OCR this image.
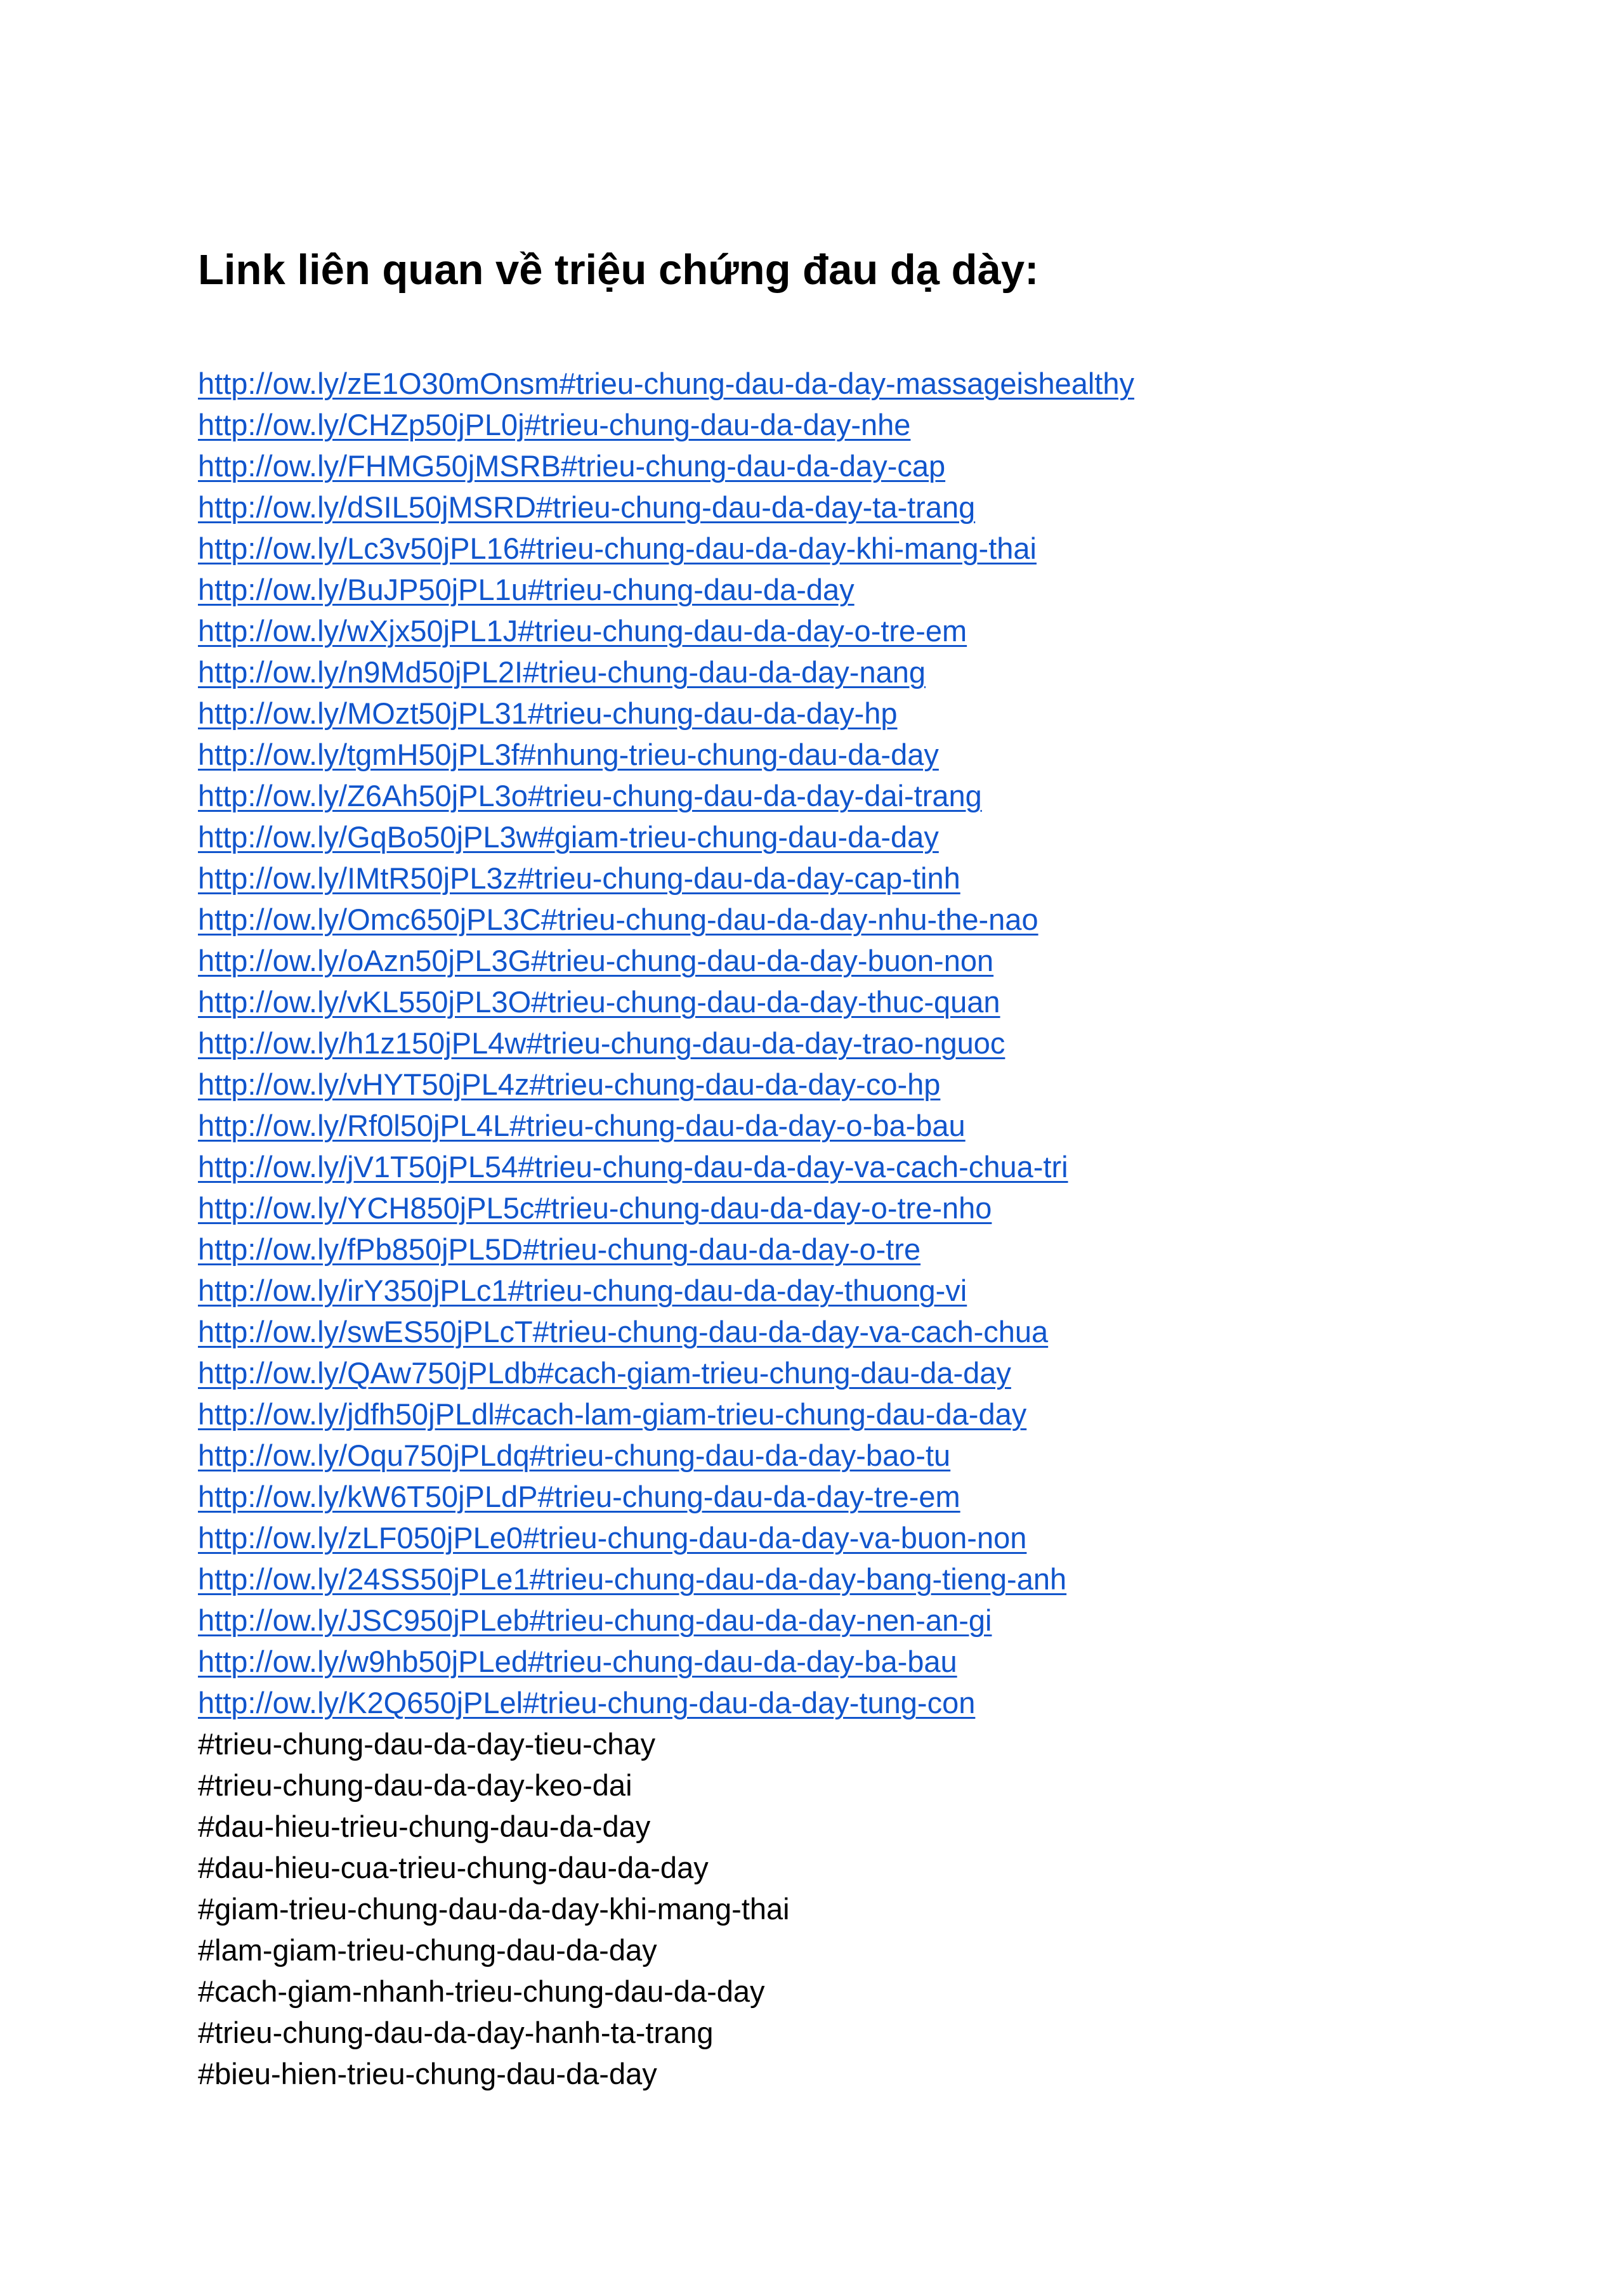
Link liên quan về triệu chứng đau dạ dày:
http://ow.ly/zE1O30mOnsm#trieu-chung-dau-da-day-massageishealthy
http://ow.ly/CHZp50jPL0j#trieu-chung-dau-da-day-nhe
http://ow.ly/FHMG50jMSRB#trieu-chung-dau-da-day-cap
http://ow.ly/dSIL50jMSRD#trieu-chung-dau-da-day-ta-trang
http://ow.ly/Lc3v50jPL16#trieu-chung-dau-da-day-khi-mang-thai
http://ow.ly/BuJP50jPL1u#trieu-chung-dau-da-day
http://ow.ly/wXjx50jPL1J#trieu-chung-dau-da-day-o-tre-em
http://ow.ly/n9Md50jPL2I#trieu-chung-dau-da-day-nang
http://ow.ly/MOzt50jPL31#trieu-chung-dau-da-day-hp
http://ow.ly/tgmH50jPL3f#nhung-trieu-chung-dau-da-day
http://ow.ly/Z6Ah50jPL3o#trieu-chung-dau-da-day-dai-trang
http://ow.ly/GqBo50jPL3w#giam-trieu-chung-dau-da-day
http://ow.ly/IMtR50jPL3z#trieu-chung-dau-da-day-cap-tinh
http://ow.ly/Omc650jPL3C#trieu-chung-dau-da-day-nhu-the-nao
http://ow.ly/oAzn50jPL3G#trieu-chung-dau-da-day-buon-non
http://ow.ly/vKL550jPL3O#trieu-chung-dau-da-day-thuc-quan
http://ow.ly/h1z150jPL4w#trieu-chung-dau-da-day-trao-nguoc
http://ow.ly/vHYT50jPL4z#trieu-chung-dau-da-day-co-hp
http://ow.ly/Rf0l50jPL4L#trieu-chung-dau-da-day-o-ba-bau
http://ow.ly/jV1T50jPL54#trieu-chung-dau-da-day-va-cach-chua-tri
http://ow.ly/YCH850jPL5c#trieu-chung-dau-da-day-o-tre-nho
http://ow.ly/fPb850jPL5D#trieu-chung-dau-da-day-o-tre
http://ow.ly/irY350jPLc1#trieu-chung-dau-da-day-thuong-vi
http://ow.ly/swES50jPLcT#trieu-chung-dau-da-day-va-cach-chua
http://ow.ly/QAw750jPLdb#cach-giam-trieu-chung-dau-da-day
http://ow.ly/jdfh50jPLdl#cach-lam-giam-trieu-chung-dau-da-day
http://ow.ly/Oqu750jPLdq#trieu-chung-dau-da-day-bao-tu
http://ow.ly/kW6T50jPLdP#trieu-chung-dau-da-day-tre-em
http://ow.ly/zLF050jPLe0#trieu-chung-dau-da-day-va-buon-non
http://ow.ly/24SS50jPLe1#trieu-chung-dau-da-day-bang-tieng-anh
http://ow.ly/JSC950jPLeb#trieu-chung-dau-da-day-nen-an-gi
http://ow.ly/w9hb50jPLed#trieu-chung-dau-da-day-ba-bau
http://ow.ly/K2Q650jPLel#trieu-chung-dau-da-day-tung-con
#trieu-chung-dau-da-day-tieu-chay
#trieu-chung-dau-da-day-keo-dai
#dau-hieu-trieu-chung-dau-da-day
#dau-hieu-cua-trieu-chung-dau-da-day
#giam-trieu-chung-dau-da-day-khi-mang-thai
#lam-giam-trieu-chung-dau-da-day
#cach-giam-nhanh-trieu-chung-dau-da-day
#trieu-chung-dau-da-day-hanh-ta-trang
#bieu-hien-trieu-chung-dau-da-day
